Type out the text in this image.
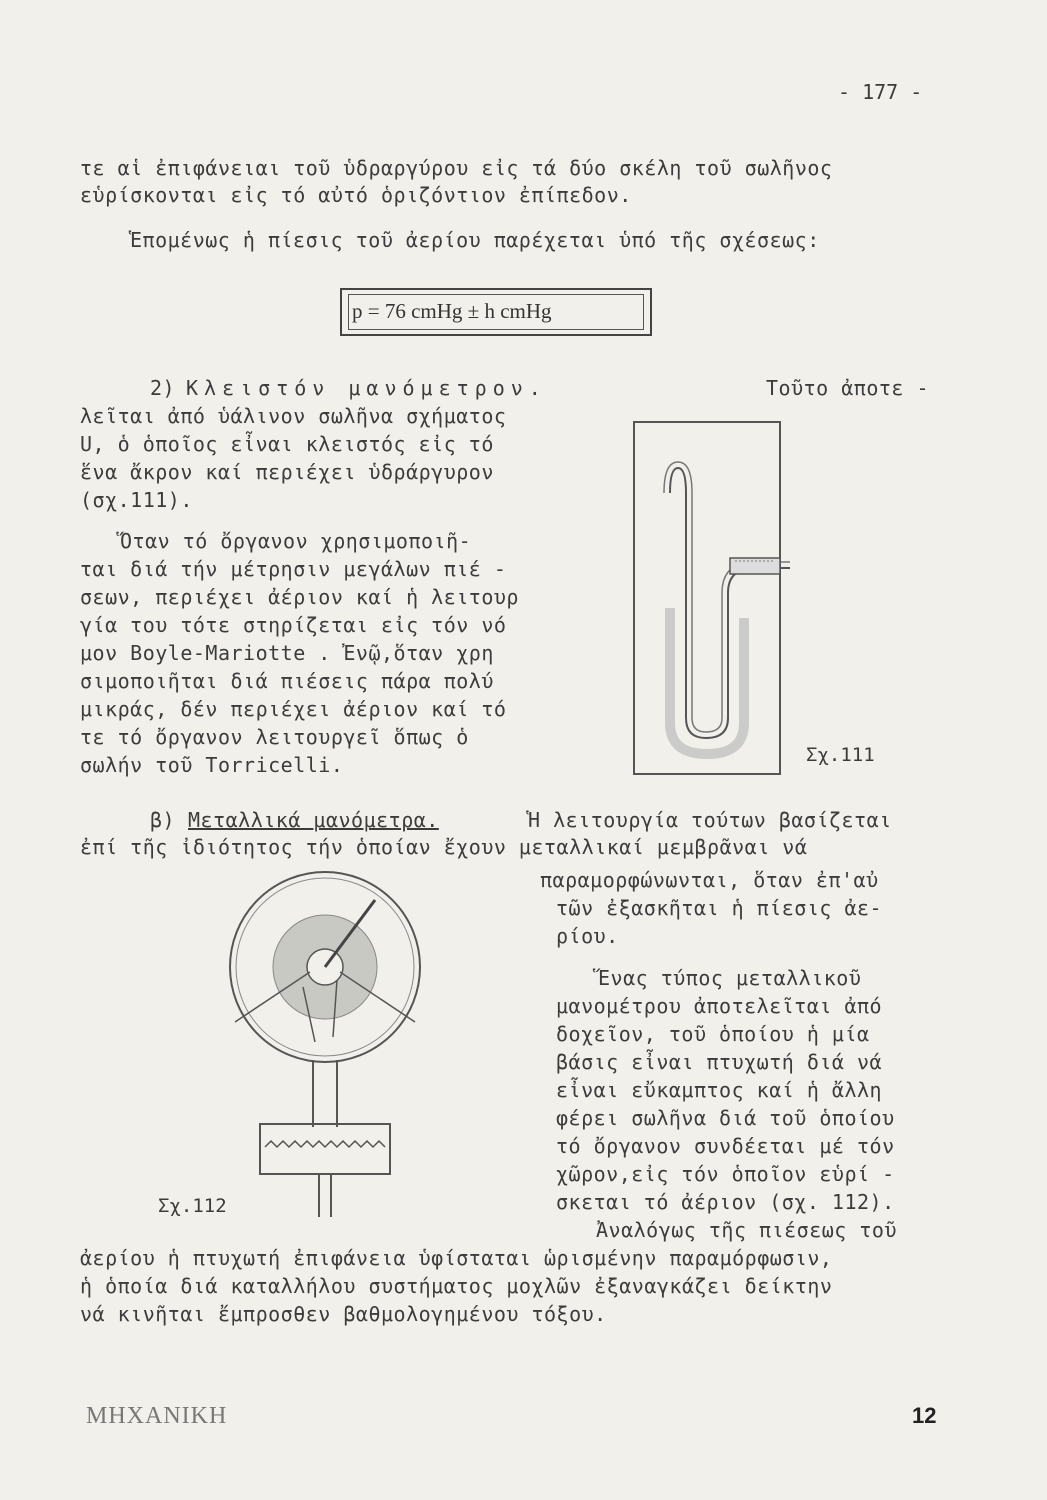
- 177 -
τε αἱ ἐπιφάνειαι τοῦ ὑδραργύρου εἰς τά δύο σκέλη τοῦ σωλῆνος
εὑρίσκονται εἰς τό αὐτό ὁριζόντιον ἐπίπεδον.
Ἑπομένως ἡ πίεσις τοῦ ἀερίου παρέχεται ὑπό τῆς σχέσεως:
p = 76 cmHg ± h cmHg
2) Κλειστόν μανόμετρον.	Τοῦτο ἀποτε -
λεῖται ἀπό ὑάλινον σωλῆνα σχήματος
U, ὁ ὁποῖος εἶναι κλειστός εἰς τό
ἕνα ἄκρον καί περιέχει ὑδράργυρον
(σχ.111).
Ὅταν τό ὄργανον χρησιμοποιῆ-
ται διά τήν μέτρησιν μεγάλων πιέ -
σεων, περιέχει ἀέριον καί ἡ λειτουρ
γία του τότε στηρίζεται εἰς τόν νό
μον Boyle-Mariotte . Ἐνῷ,ὅταν χρη
σιμοποιῆται διά πιέσεις πάρα πολύ
μικράς, δέν περιέχει ἀέριον καί τό
τε τό ὄργανον λειτουργεῖ ὅπως ὁ
σωλήν τοῦ Torricelli.	Σχ.111
β) Μεταλλικά μανόμετρα.	Ἡ λειτουργία τούτων βασίζεται
ἐπί τῆς ἰδιότητος τήν ὁποίαν ἔχουν μεταλλικαί μεμβρᾶναι νά
παραμορφώνωνται, ὅταν ἐπ'αὐ
τῶν ἐξασκῆται ἡ πίεσις ἀε-
ρίου.
Ἕνας τύπος μεταλλικοῦ
μανομέτρου ἀποτελεῖται ἀπό
δοχεῖον, τοῦ ὁποίου ἡ μία
βάσις εἶναι πτυχωτή διά νά
εἶναι εὔκαμπτος καί ἡ ἄλλη
φέρει σωλῆνα διά τοῦ ὁποίου
τό ὄργανον συνδέεται μέ τόν
χῶρον,εἰς τόν ὁποῖον εὑρί -
σκεται τό ἀέριον (σχ. 112).
Ἀναλόγως τῆς πιέσεως τοῦ
ἀερίου ἡ πτυχωτή ἐπιφάνεια ὑφίσταται ὡρισμένην παραμόρφωσιν,
ἡ ὁποία διά καταλλήλου συστήματος μοχλῶν ἐξαναγκάζει δείκτην
νά κινῆται ἔμπροσθεν βαθμολογημένου τόξου.
Σχ.112
ΜΗΧΑΝΙΚΗ	12
